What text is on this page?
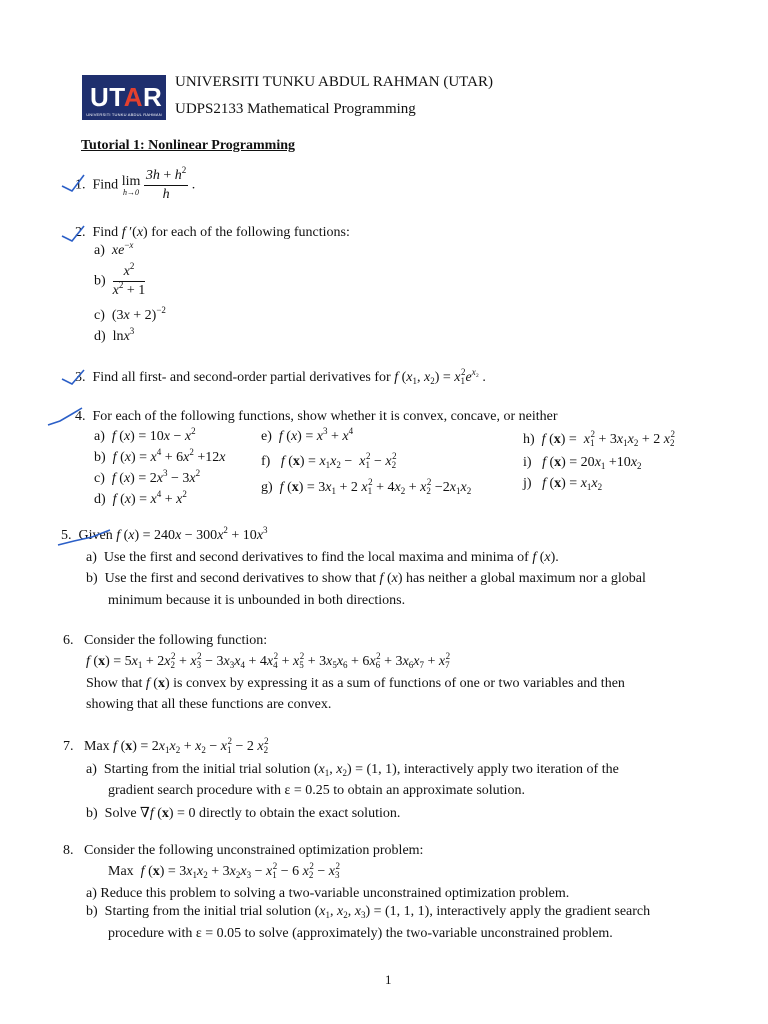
UTAR
UNIVERSITI TUNKU ABDUL RAHMAN
UNIVERSITI TUNKU ABDUL RAHMAN (UTAR)
UDPS2133 Mathematical Programming
Tutorial 1: Nonlinear Programming
1. Find lim
h→0
$\frac{3h + h^2}{h}$ .
2.  Find f ′(x) for each of the following functions:
a)  $xe^{-x}$
$b) \frac{x^2}{x^2 + 1}$
c)  $(3x + 2)^{-2}$
d)  lnx$^3$
3.  Find all first- and second-order partial derivatives for f ($x_1$, $x_2) = x_1^2e^{x_2}$ .
4. For each of the following functions, show whether it is convex, concave, or neither
a)  f $(x) = 10x - x^2$
b)  f $(x) = x^4 + 6x^2 +12x$
c)  f $(x) = 2x^3 - 3x^2$
d)  f $(x) = x^4 + x^2$
e)  f $(x) = x^3 + x^4$
f)   f $(x) = x_1x_2 - x_1^2 - x_2^2$
g)  f $(x) = 3x_1 + 2$ $x_1^2 + 4x_2 + x_2^2 -2x_1x_2$
h)  f $(x) = x_1^2 + 3x_1x_2 + 2$ $x_2^2$
i)   f $(x) = 20x_1 +10x_2$
j)   f $(x) = x_1x_2$
5.  Given f $(x) = 240x - 300x^2 + 10x^3$
a)  Use the first and second derivatives to find the local maxima and minima of f (x).
b)  Use the first and second derivatives to show that f (x) has neither a global maximum nor a global
minimum because it is unbounded in both directions.
6. Consider the following function:
f $(x) = 5x_1 + 2x_2^2 + x_3^2 - 3x_3x_4 + 4x_4^2 + x_5^2 + 3x_5x_6 + 6x_6^2 + 3x_6x_7 + x_7^2$
Show that f (x) is convex by expressing it as a sum of functions of one or two variables and then
showing that all these functions are convex.
7.   Max f $(x) = 2x_1x_2 + x_2 - x_1^2 - 2$ $x_2^2$
a)  Starting from the initial trial solution ($x_1$, $x_2) = (1$, 1), interactively apply two iteration of the
gradient search procedure with ε = 0.25 to obtain an approximate solution.
b)  Solve ∇f (x) = 0 directly to obtain the exact solution.
8. Consider the following unconstrained optimization problem:
Max  f $(x) = 3x_1x_2 + 3x_2x_3 - x_1^2 - 6$ $x_2^2 - x_3^2$
a) Reduce this problem to solving a two-variable unconstrained optimization problem.
b)  Starting from the initial trial solution ($x_1$, $x_2$, $x_3) = (1$, 1, 1), interactively apply the gradient search
procedure with ε = 0.05 to solve (approximately) the two-variable unconstrained problem.
1
